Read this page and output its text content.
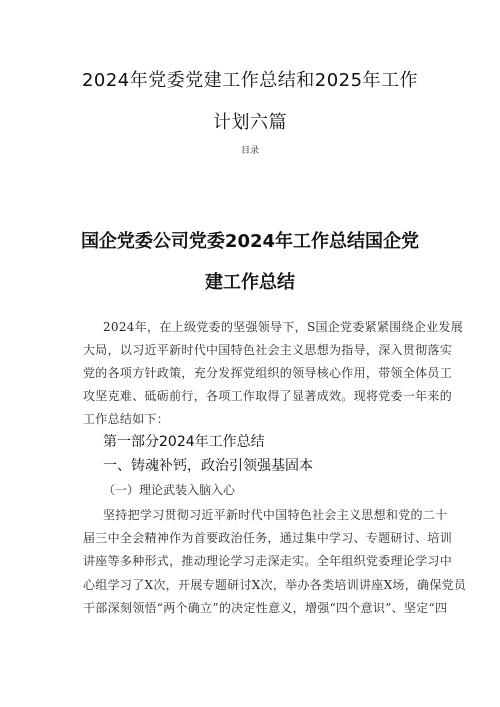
2024年党委党建工作总结和2025年工作
计划六篇
目录
国企党委公司党委2024年工作总结国企党
建工作总结
2024年，在上级党委的坚强领导下，S国企党委紧紧围绕企业发展
大局，以习近平新时代中国特色社会主义思想为指导，深入贯彻落实
党的各项方针政策，充分发挥党组织的领导核心作用，带领全体员工
攻坚克难、砥砺前行，各项工作取得了显著成效。现将党委一年来的
工作总结如下：
第一部分2024年工作总结
一、铸魂补钙，政治引领强基固本
（一）理论武装入脑入心
坚持把学习贯彻习近平新时代中国特色社会主义思想和党的二十
届三中全会精神作为首要政治任务，通过集中学习、专题研讨、培训
讲座等多种形式，推动理论学习走深走实。全年组织党委理论学习中
心组学习了X次，开展专题研讨X次，举办各类培训讲座X场，确保党员
干部深刻领悟“两个确立”的决定性意义，增强“四个意识”、坚定“四
